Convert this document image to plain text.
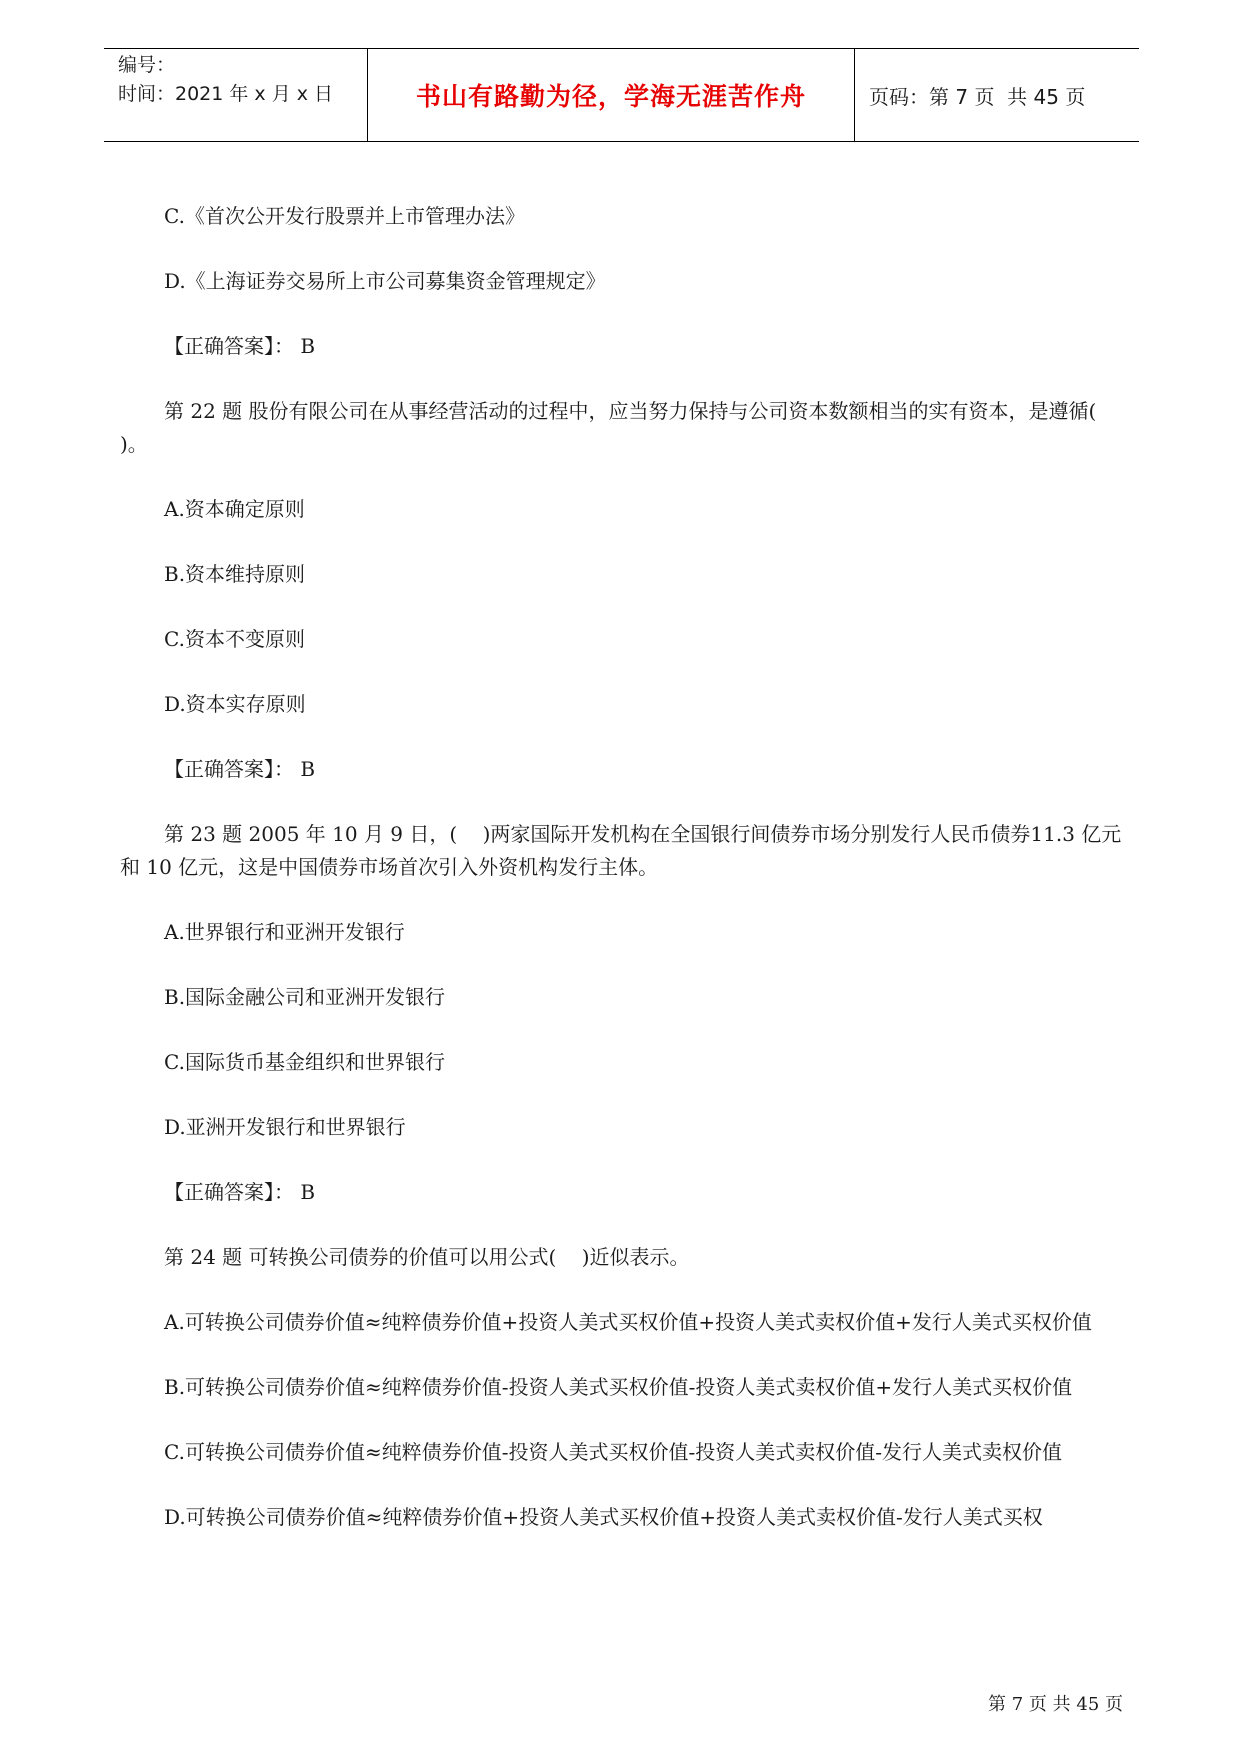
编号：
时间：2021 年 x 月 x 日	书山有路勤为径，学海无涯苦作舟	页码：第 7 页  共 45 页

C.《首次公开发行股票并上市管理办法》

D.《上海证券交易所上市公司募集资金管理规定》

【正确答案】： B

第 22 题 股份有限公司在从事经营活动的过程中，应当努力保持与公司资本数额相当的实有资本，是遵循(    )。

A.资本确定原则

B.资本维持原则

C.资本不变原则

D.资本实存原则

【正确答案】： B

第 23 题 2005 年 10 月 9 日，(    )两家国际开发机构在全国银行间债券市场分别发行人民币债券11.3 亿元和 10 亿元，这是中国债券市场首次引入外资机构发行主体。

A.世界银行和亚洲开发银行

B.国际金融公司和亚洲开发银行

C.国际货币基金组织和世界银行

D.亚洲开发银行和世界银行

【正确答案】： B

第 24 题 可转换公司债券的价值可以用公式(    )近似表示。

A.可转换公司债券价值≈纯粹债券价值+投资人美式买权价值+投资人美式卖权价值+发行人美式买权价值

B.可转换公司债券价值≈纯粹债券价值-投资人美式买权价值-投资人美式卖权价值+发行人美式买权价值

C.可转换公司债券价值≈纯粹债券价值-投资人美式买权价值-投资人美式卖权价值-发行人美式卖权价值

D.可转换公司债券价值≈纯粹债券价值+投资人美式买权价值+投资人美式卖权价值-发行人美式买权

第 7 页 共 45 页
